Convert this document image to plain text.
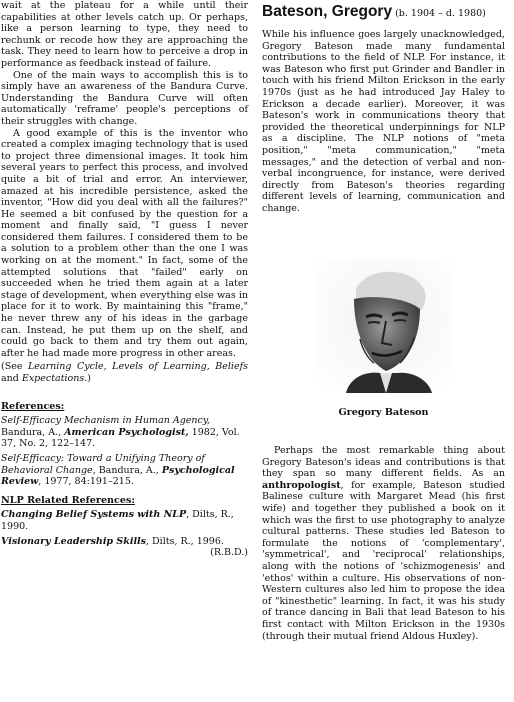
wait at the plateau for a while until their capabilities at other levels catch up. Or perhaps, like a person learning to type, they need to rechunk or recode how they are approaching the task. They need to learn how to perceive a drop in performance as feedback instead of failure.

One of the main ways to accomplish this is to simply have an awareness of the Bandura Curve. Understanding the Bandura Curve will often automatically 'reframe' people's perceptions of their struggles with change.

A good example of this is the inventor who created a complex imaging technology that is used to project three dimensional images. It took him several years to perfect this process, and involved quite a bit of trial and error. An interviewer, amazed at his incredible persistence, asked the inventor, "How did you deal with all the failures?" He seemed a bit confused by the question for a moment and finally said, "I guess I never considered them failures. I considered them to be a solution to a problem other than the one I was working on at the moment." In fact, some of the attempted solutions that "failed" early on succeeded when he tried them again at a later stage of development, when everything else was in place for it to work. By maintaining this "frame," he never threw any of his ideas in the garbage can. Instead, he put them up on the shelf, and could go back to them and try them out again, after he had made more progress in other areas.

(See Learning Cycle, Levels of Learning, Beliefs and Expectations.)

References:

Self-Efficacy Mechanism in Human Agency, Bandura, A., American Psychologist, 1982, Vol. 37, No. 2, 122–147.

Self-Efficacy: Toward a Unifying Theory of Behavioral Change, Bandura, A., Psychological Review, 1977, 84:191–215.

NLP Related References:

Changing Belief Systems with NLP, Dilts, R., 1990.

Visionary Leadership Skills, Dilts, R., 1996.

(R.B.D.)

Bateson, Gregory (b. 1904 – d. 1980)

While his influence goes largely unacknowledged, Gregory Bateson made many fundamental contributions to the field of NLP. For instance, it was Bateson who first put Grinder and Bandler in touch with his friend Milton Erickson in the early 1970s (just as he had introduced Jay Haley to Erickson a decade earlier). Moreover, it was Bateson's work in communications theory that provided the theoretical underpinnings for NLP as a discipline. The NLP notions of "meta position," "meta communication," "meta messages," and the detection of verbal and non-verbal incongruence, for instance, were derived directly from Bateson's theories regarding different levels of learning, communication and change.

Gregory Bateson

Perhaps the most remarkable thing about Gregory Bateson's ideas and contributions is that they span so many different fields. As an anthropologist, for example, Bateson studied Balinese culture with Margaret Mead (his first wife) and together they published a book on it which was the first to use photography to analyze cultural patterns. These studies led Bateson to formulate the notions of 'complementary', 'symmetrical', and 'reciprocal' relationships, along with the notions of 'schizmogenesis' and 'ethos' within a culture. His observations of non-Western cultures also led him to propose the idea of "kinesthetic" learning. In fact, it was his study of trance dancing in Bali that lead Bateson to his first contact with Milton Erickson in the 1930s (through their mutual friend Aldous Huxley).
